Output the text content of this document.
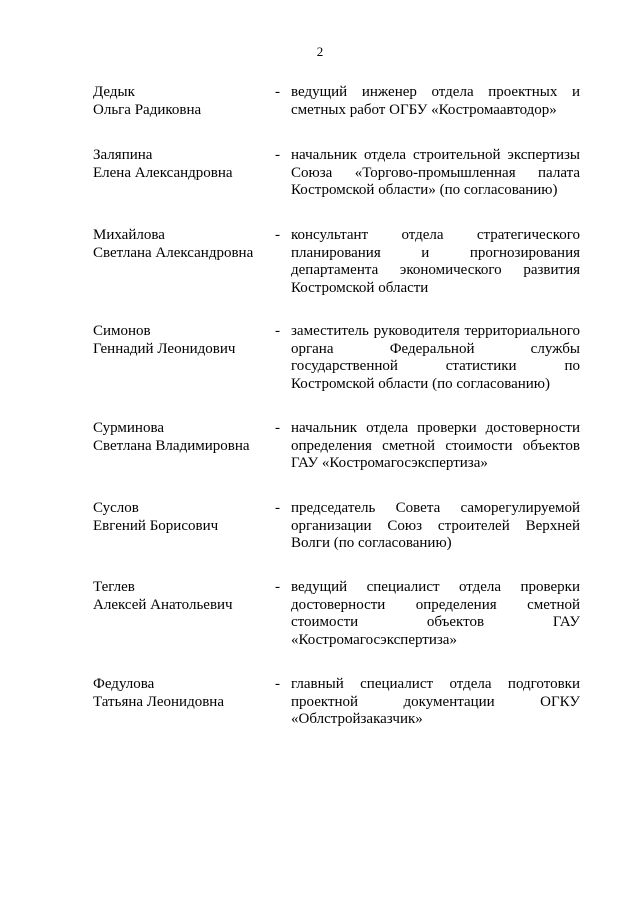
2
Дедык
Ольга Радиковна
- ведущий инженер отдела проектных и
сметных работ ОГБУ «Костромаавтодор»
Заляпина
Елена Александровна
- начальник отдела строительной экспертизы
Союза «Торгово-промышленная палата
Костромской области» (по согласованию)
Михайлова
Светлана Александровна
- консультант отдела стратегического
планирования и прогнозирования
департамента экономического развития
Костромской области
Симонов
Геннадий Леонидович
- заместитель руководителя территориального
органа Федеральной службы
государственной статистики по
Костромской области (по согласованию)
Сурминова
Светлана Владимировна
- начальник отдела проверки достоверности
определения сметной стоимости объектов
ГАУ «Костромагосэкспертиза»
Суслов
Евгений Борисович
- председатель Совета саморегулируемой
организации Союз строителей Верхней
Волги (по согласованию)
Теглев
Алексей Анатольевич
- ведущий специалист отдела проверки
достоверности определения сметной
стоимости объектов ГАУ
«Костромагосэкспертиза»
Федулова
Татьяна Леонидовна
- главный специалист отдела подготовки
проектной документации ОГКУ
«Облстройзаказчик»
